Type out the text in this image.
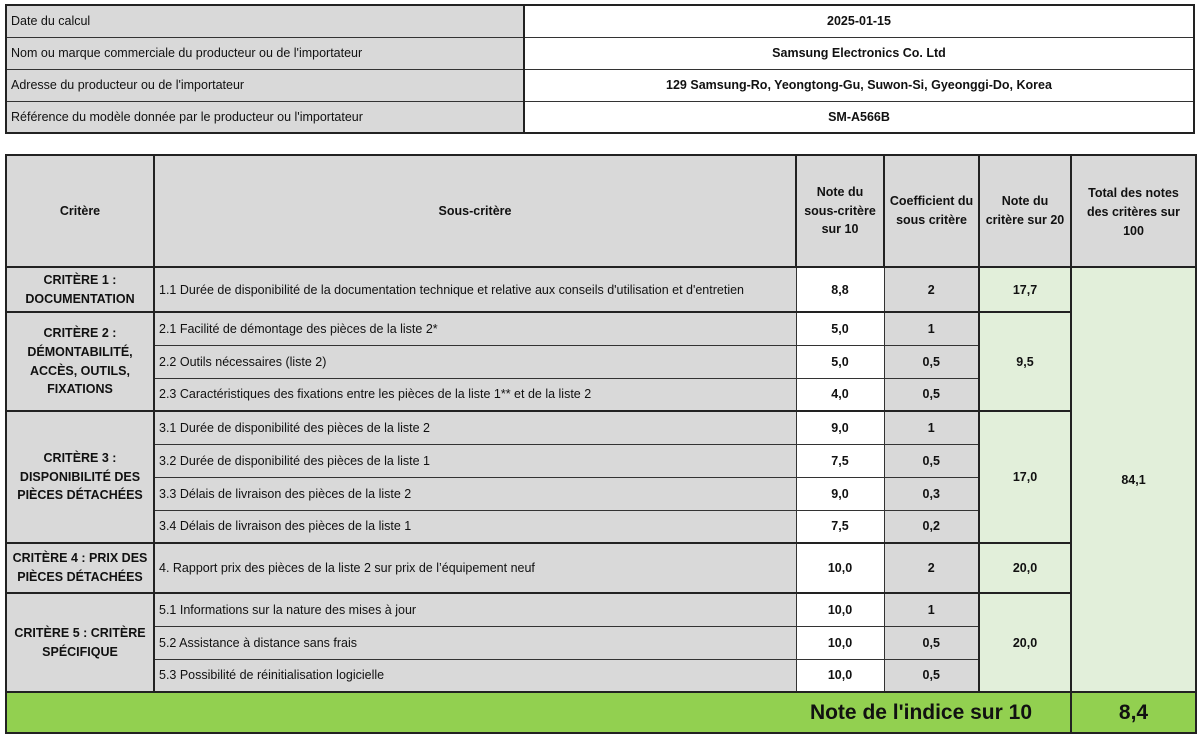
Date du calcul	2025-01-15
Nom ou marque commerciale du producteur ou de l'importateur	Samsung Electronics Co. Ltd
Adresse du producteur ou de l'importateur	129 Samsung-Ro, Yeongtong-Gu, Suwon-Si, Gyeonggi-Do, Korea
Référence du modèle donnée par le producteur ou l'importateur	SM-A566B
Critère	Sous-critère	Note du sous-critère sur 10	Coefficient du sous critère	Note du critère sur 20	Total des notes des critères sur 100
CRITÈRE 1 : DOCUMENTATION	1.1 Durée de disponibilité de la documentation technique et relative aux conseils d'utilisation et d'entretien	8,8	2	17,7	84,1
CRITÈRE 2 : DÉMONTABILITÉ, ACCÈS, OUTILS, FIXATIONS	2.1 Facilité de démontage des pièces de la liste 2*	5,0	1	9,5	
	2.2 Outils nécessaires (liste 2)	5,0	0,5		
	2.3 Caractéristiques des fixations entre les pièces de la liste 1** et de la liste 2	4,0	0,5		
CRITÈRE 3 : DISPONIBILITÉ DES PIÈCES DÉTACHÉES	3.1 Durée de disponibilité des pièces de la liste 2	9,0	1	17,0	
	3.2 Durée de disponibilité des pièces de la liste 1	7,5	0,5		
	3.3 Délais de livraison des pièces de la liste 2	9,0	0,3		
	3.4 Délais de livraison des pièces de la liste 1	7,5	0,2		
CRITÈRE 4 : PRIX DES PIÈCES DÉTACHÉES	4. Rapport prix des pièces de la liste 2 sur prix de l’équipement neuf	10,0	2	20,0	
CRITÈRE 5 : CRITÈRE SPÉCIFIQUE	5.1 Informations sur la nature des mises à jour	10,0	1	20,0	
	5.2 Assistance à distance sans frais	10,0	0,5		
	5.3 Possibilité de réinitialisation logicielle	10,0	0,5		
Note de l'indice sur 10					8,4
